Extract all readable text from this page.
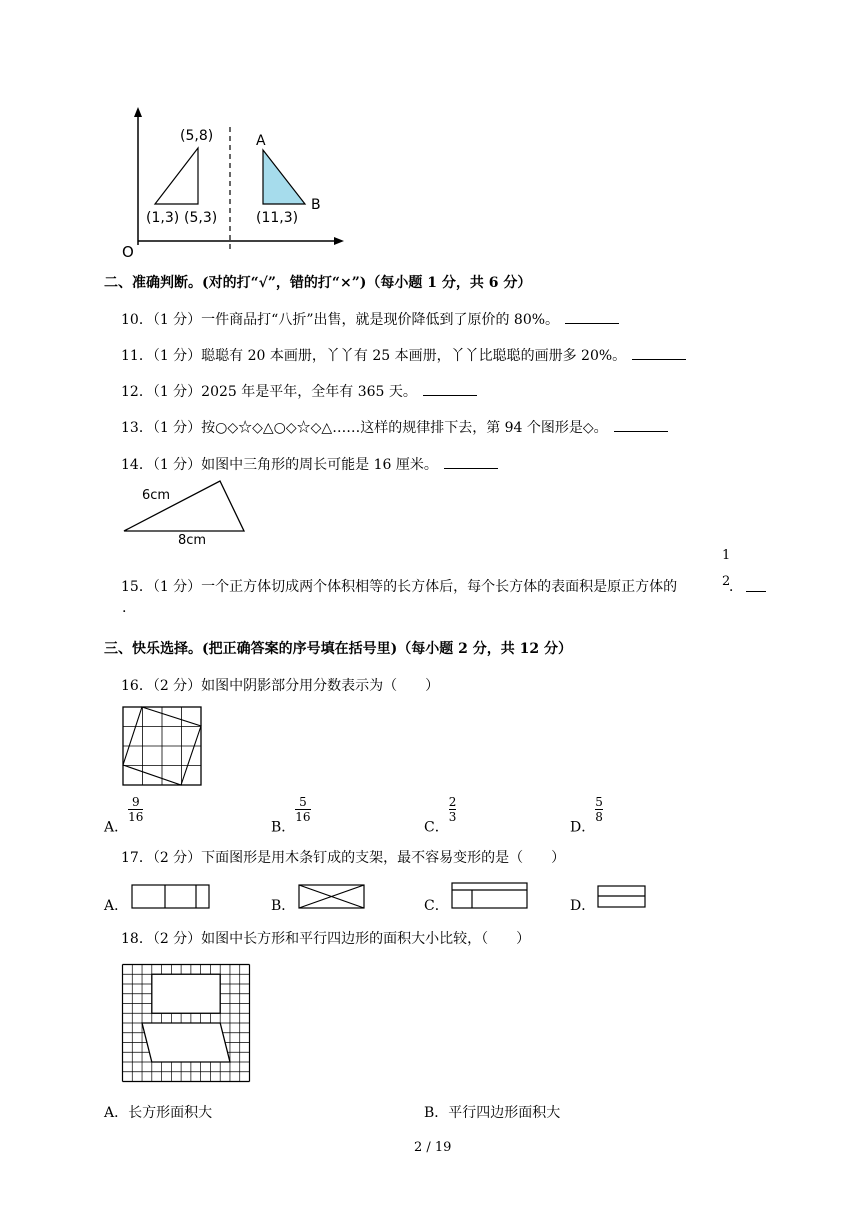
(5,8)
(1,3) (5,3)
A
B
(11,3)
O
二、准确判断。(对的打“√”，错的打“×”)（每小题 1 分，共 6 分）
10．（1 分）一件商品打“八折”出售，就是现价降低到了原价的 80%。
11．（1 分）聪聪有 20 本画册，丫丫有 25 本画册，丫丫比聪聪的画册多 20%。
12．（1 分）2025 年是平年，全年有 365 天。
13．（1 分）按○◇☆◇△○◇☆◇△……这样的规律排下去，第 94 个图形是◇。
14．（1 分）如图中三角形的周长可能是 16 厘米。
6cm
8cm
15．（1 分）一个正方体切成两个体积相等的长方体后，每个长方体的表面积是原正方体的
1
2
．
.
三、快乐选择。(把正确答案的序号填在括号里)（每小题 2 分，共 12 分）
16．（2 分）如图中阴影部分用分数表示为（　　）
A．
$\frac{9}{16}$
B．
$\frac{5}{16}$
C．
$\frac{2}{3}$
D．
$\frac{5}{8}$
17．（2 分）下面图形是用木条钉成的支架，最不容易变形的是（　　）
A．	B．	C．	D．
18．（2 分）如图中长方形和平行四边形的面积大小比较，（　　）
A．长方形面积大	B．平行四边形面积大
2 / 19
